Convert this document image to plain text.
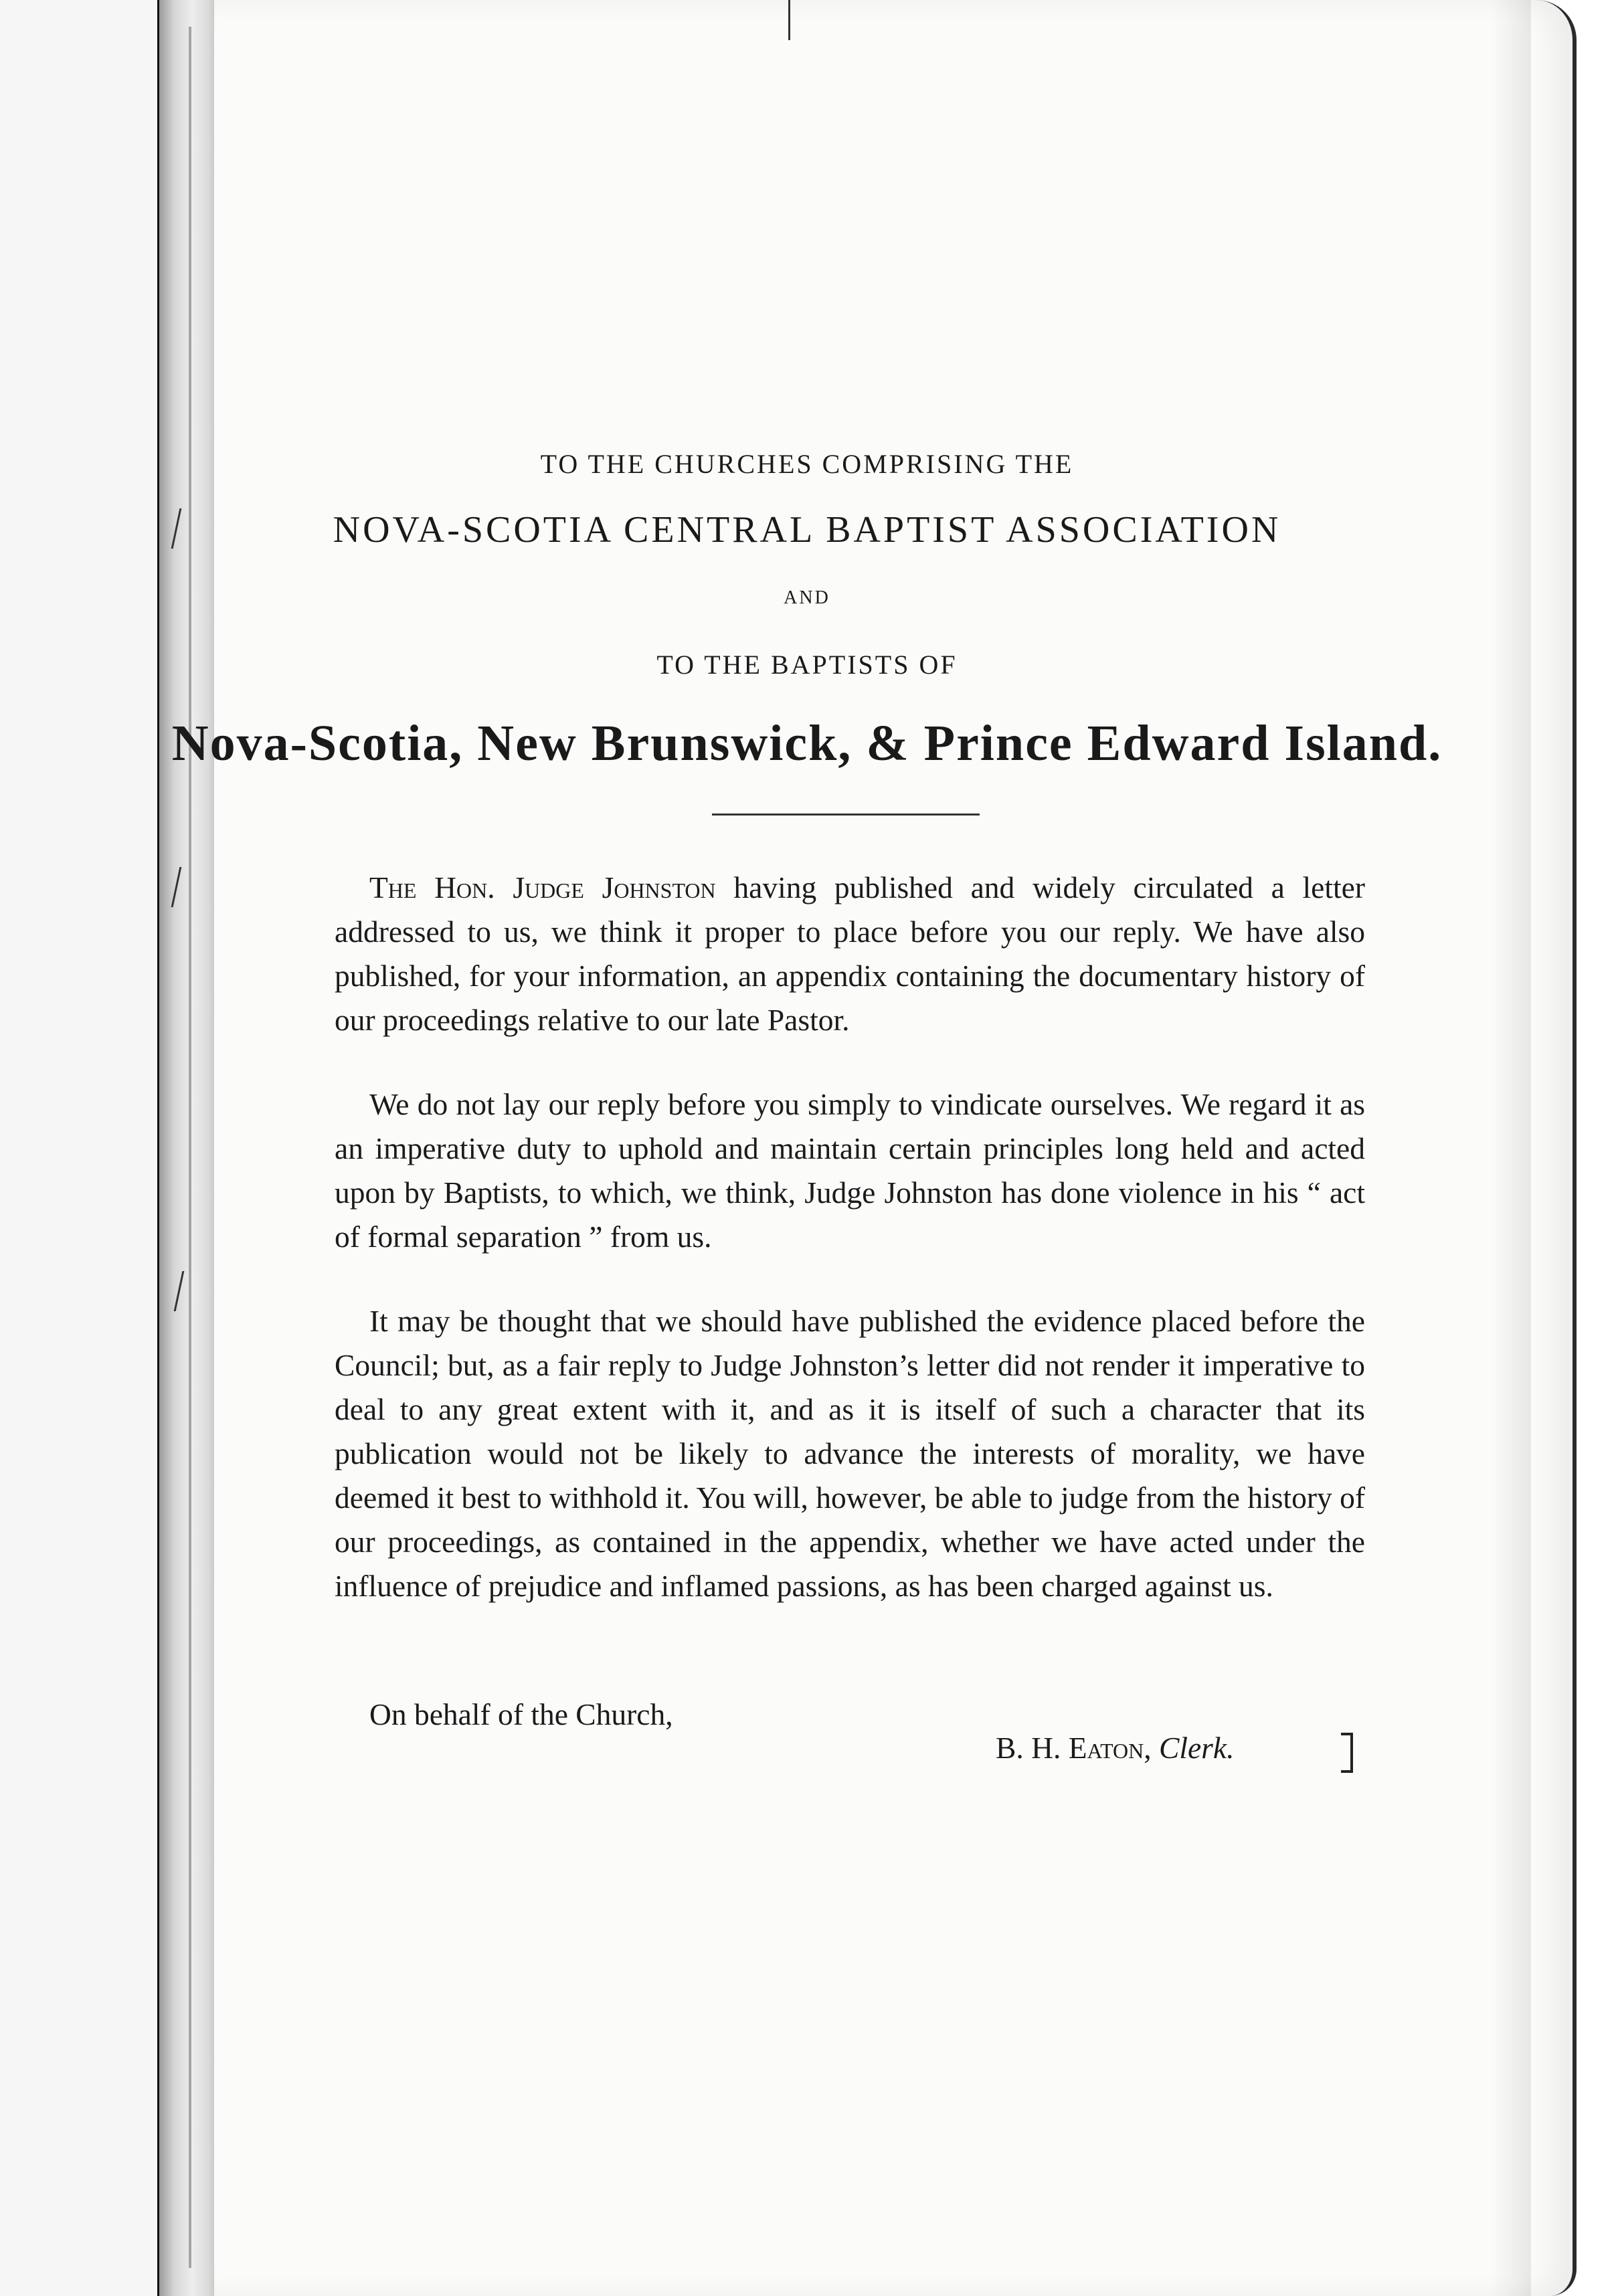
TO THE CHURCHES COMPRISING THE
NOVA-SCOTIA CENTRAL BAPTIST ASSOCIATION
AND
TO THE BAPTISTS OF
Nova-Scotia, New Brunswick, & Prince Edward Island.

The Hon. Judge Johnston having published and widely circulated a letter addressed to us, we think it proper to place before you our reply. We have also published, for your information, an appendix containing the documentary history of our proceedings relative to our late Pastor.

We do not lay our reply before you simply to vindicate ourselves. We regard it as an imperative duty to uphold and maintain certain principles long held and acted upon by Baptists, to which, we think, Judge Johnston has done violence in his “ act of formal separation ” from us.

It may be thought that we should have published the evidence placed before the Council; but, as a fair reply to Judge Johnston’s letter did not render it imperative to deal to any great extent with it, and as it is itself of such a character that its publication would not be likely to advance the interests of morality, we have deemed it best to withhold it. You will, however, be able to judge from the history of our proceedings, as contained in the appendix, whether we have acted under the influence of prejudice and inflamed passions, as has been charged against us.

On behalf of the Church,
B. H. Eaton, Clerk.
